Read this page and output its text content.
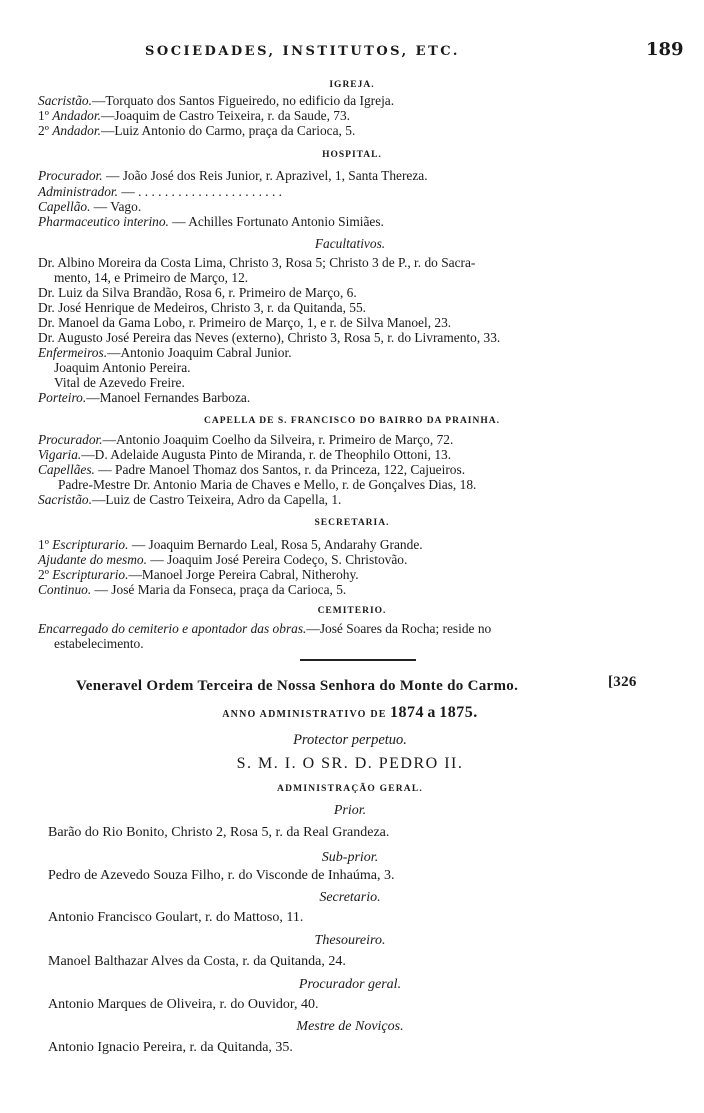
SOCIEDADES, INSTITUTOS, ETC.	189
IGREJA.
Sacristão.—Torquato dos Santos Figueiredo, no edificio da Igreja.
1º Andador.—Joaquim de Castro Teixeira, r. da Saude, 73.
2º Andador.—Luiz Antonio do Carmo, praça da Carioca, 5.
HOSPITAL.
Procurador. — João José dos Reis Junior, r. Aprazivel, 1, Santa Thereza.
Administrador. — . . . . . . . . . . . . . . . . . . . . . .
Capellão. — Vago.
Pharmaceutico interino. — Achilles Fortunato Antonio Simiães.
Facultativos.
Dr. Albino Moreira da Costa Lima, Christo 3, Rosa 5; Christo 3 de P., r. do Sacra-
mento, 14, e Primeiro de Março, 12.
Dr. Luiz da Silva Brandão, Rosa 6, r. Primeiro de Março, 6.
Dr. José Henrique de Medeiros, Christo 3, r. da Quitanda, 55.
Dr. Manoel da Gama Lobo, r. Primeiro de Março, 1, e r. de Silva Manoel, 23.
Dr. Augusto José Pereira das Neves (externo), Christo 3, Rosa 5, r. do Livramento, 33.
Enfermeiros.—Antonio Joaquim Cabral Junior.
Joaquim Antonio Pereira.
Vital de Azevedo Freire.
Porteiro.—Manoel Fernandes Barboza.
CAPELLA DE S. FRANCISCO DO BAIRRO DA PRAINHA.
Procurador.—Antonio Joaquim Coelho da Silveira, r. Primeiro de Março, 72.
Vigaria.—D. Adelaide Augusta Pinto de Miranda, r. de Theophilo Ottoni, 13.
Capellães. — Padre Manoel Thomaz dos Santos, r. da Princeza, 122, Cajueiros.
Padre-Mestre Dr. Antonio Maria de Chaves e Mello, r. de Gonçalves Dias, 18.
Sacristão.—Luiz de Castro Teixeira, Adro da Capella, 1.
SECRETARIA.
1º Escripturario. — Joaquim Bernardo Leal, Rosa 5, Andarahy Grande.
Ajudante do mesmo. — Joaquim José Pereira Codeço, S. Christovão.
2º Escripturario.—Manoel Jorge Pereira Cabral, Nitherohy.
Continuo. — José Maria da Fonseca, praça da Carioca, 5.
CEMITERIO.
Encarregado do cemiterio e apontador das obras.—José Soares da Rocha; reside no
estabelecimento.
Veneravel Ordem Terceira de Nossa Senhora do Monte do Carmo.	[326
ANNO ADMINISTRATIVO DE 1874 a 1875.
Protector perpetuo.
S. M. I. O SR. D. PEDRO II.
ADMINISTRAÇÃO GERAL.
Prior.
Barão do Rio Bonito, Christo 2, Rosa 5, r. da Real Grandeza.
Sub-prior.
Pedro de Azevedo Souza Filho, r. do Visconde de Inhaúma, 3.
Secretario.
Antonio Francisco Goulart, r. do Mattoso, 11.
Thesoureiro.
Manoel Balthazar Alves da Costa, r. da Quitanda, 24.
Procurador geral.
Antonio Marques de Oliveira, r. do Ouvidor, 40.
Mestre de Noviços.
Antonio Ignacio Pereira, r. da Quitanda, 35.
